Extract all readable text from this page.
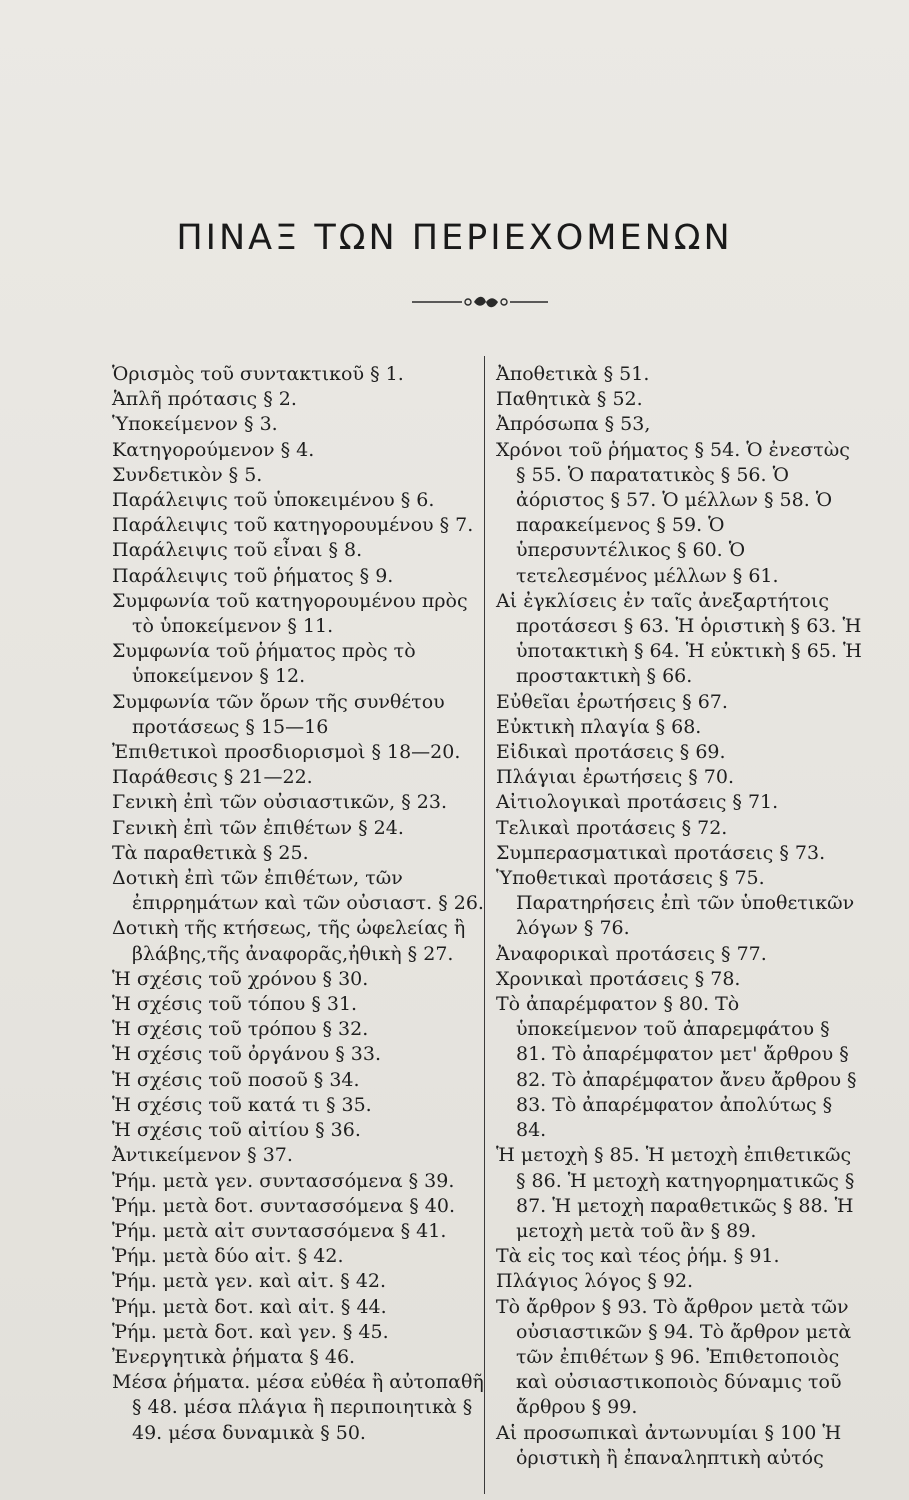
ΠΙΝΑΞ ΤΩΝ ΠΕΡΙΕΧΟΜΕΝΩΝ

Ὁρισμὸς τοῦ συντακτικοῦ § 1.

Ἁπλῆ πρότασις § 2.

Ὑποκείμενον § 3.

Κατηγορούμενον § 4.

Συνδετικὸν § 5.

Παράλειψις τοῦ ὑποκειμένου § 6.

Παράλειψις τοῦ κατηγορουμένου § 7.

Παράλειψις τοῦ εἶναι § 8.

Παράλειψις τοῦ ῥήματος § 9.

Συμφωνία τοῦ κατηγορουμένου πρὸς τὸ ὑποκείμενον § 11.

Συμφωνία τοῦ ῥήματος πρὸς τὸ ὑποκείμενον § 12.

Συμφωνία τῶν ὅρων τῆς συνθέτου προτάσεως § 15—16

Ἐπιθετικοὶ προσδιορισμοὶ § 18—20.

Παράθεσις § 21—22.

Γενικὴ ἐπὶ τῶν οὐσιαστικῶν, § 23.

Γενικὴ ἐπὶ τῶν ἐπιθέτων § 24.

Τὰ παραθετικὰ § 25.

Δοτικὴ ἐπὶ τῶν ἐπιθέτων, τῶν ἐπιρρημάτων καὶ τῶν οὐσιαστ. § 26.

Δοτικὴ τῆς κτήσεως, τῆς ὠφελείας ἢ βλάβης,τῆς ἀναφορᾶς,ἠθικὴ § 27.

Ἡ σχέσις τοῦ χρόνου § 30.

Ἡ σχέσις τοῦ τόπου § 31.

Ἡ σχέσις τοῦ τρόπου § 32.

Ἡ σχέσις τοῦ ὀργάνου § 33.

Ἡ σχέσις τοῦ ποσοῦ § 34.

Ἡ σχέσις τοῦ κατά τι § 35.

Ἡ σχέσις τοῦ αἰτίου § 36.

Ἀντικείμενον § 37.

Ῥήμ. μετὰ γεν. συντασσόμενα § 39.

Ῥήμ. μετὰ δοτ. συντασσόμενα § 40.

Ῥήμ. μετὰ αἰτ συντασσόμενα § 41.

Ῥήμ. μετὰ δύο αἰτ. § 42.

Ῥήμ. μετὰ γεν. καὶ αἰτ. § 42.

Ῥήμ. μετὰ δοτ. καὶ αἰτ. § 44.

Ῥήμ. μετὰ δοτ. καὶ γεν. § 45.

Ἐνεργητικὰ ῥήματα § 46.

Μέσα ῥήματα. μέσα εὐθέα ἢ αὐτοπαθῆ § 48. μέσα πλάγια ἢ περιποιητικὰ § 49. μέσα δυναμικὰ § 50.

Ἀποθετικὰ § 51.

Παθητικὰ § 52.

Ἀπρόσωπα § 53,

Χρόνοι τοῦ ῥήματος § 54. Ὁ ἐνεστὼς § 55. Ὁ παρατατικὸς § 56. Ὁ ἀόριστος § 57. Ὁ μέλλων § 58. Ὁ παρακείμενος § 59. Ὁ ὑπερσυντέλικος § 60. Ὁ τετελεσμένος μέλλων § 61.

Αἱ ἐγκλίσεις ἐν ταῖς ἀνεξαρτήτοις προτάσεσι § 63. Ἡ ὁριστικὴ § 63. Ἡ ὑποτακτικὴ § 64. Ἡ εὐκτικὴ § 65. Ἡ προστακτικὴ § 66.

Εὐθεῖαι ἐρωτήσεις § 67.

Εὐκτικὴ πλαγία § 68.

Εἰδικαὶ προτάσεις § 69.

Πλάγιαι ἐρωτήσεις § 70.

Αἰτιολογικαὶ προτάσεις § 71.

Τελικαὶ προτάσεις § 72.

Συμπερασματικαὶ προτάσεις § 73.

Ὑποθετικαὶ προτάσεις § 75. Παρατηρήσεις ἐπὶ τῶν ὑποθετικῶν λόγων § 76.

Ἀναφορικαὶ προτάσεις § 77.

Χρονικαὶ προτάσεις § 78.

Τὸ ἀπαρέμφατον § 80. Τὸ ὑποκείμενον τοῦ ἀπαρεμφάτου § 81. Τὸ ἀπαρέμφατον μετ' ἄρθρου § 82. Τὸ ἀπαρέμφατον ἄνευ ἄρθρου § 83. Τὸ ἀπαρέμφατον ἀπολύτως § 84.

Ἡ μετοχὴ § 85. Ἡ μετοχὴ ἐπιθετικῶς § 86. Ἡ μετοχὴ κατηγορηματικῶς § 87. Ἡ μετοχὴ παραθετικῶς § 88. Ἡ μετοχὴ μετὰ τοῦ ἂν § 89.

Τὰ εἰς τος καὶ τέος ῥήμ. § 91.

Πλάγιος λόγος § 92.

Τὸ ἄρθρον § 93. Τὸ ἄρθρον μετὰ τῶν οὐσιαστικῶν § 94. Τὸ ἄρθρον μετὰ τῶν ἐπιθέτων § 96. Ἐπιθετοποιὸς καὶ οὐσιαστικοποιὸς δύναμις τοῦ ἄρθρου § 99.

Αἱ προσωπικαὶ ἀντωνυμίαι § 100 Ἡ ὁριστικὴ ἢ ἐπαναληπτικὴ αὐτός
